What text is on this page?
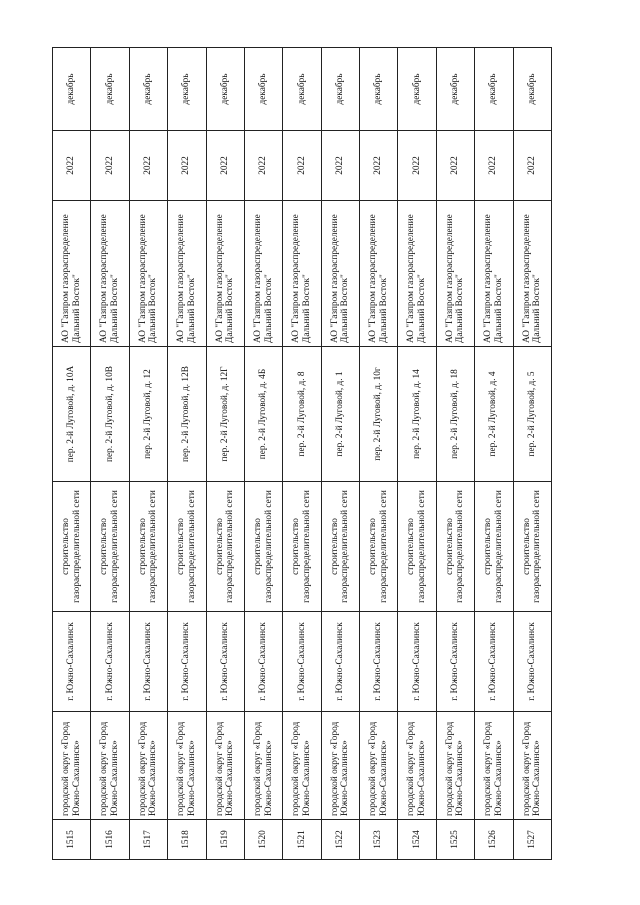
1515	городской округ «Город Южно-Сахалинск»	г. Южно-Сахалинск	строительство газораспределительной сети	пер. 2-й Луговой, д. 10А	АО "Газпром газораспределение Дальний Восток"	2022	декабрь
1516	городской округ «Город Южно-Сахалинск»	г. Южно-Сахалинск	строительство газораспределительной сети	пер. 2-й Луговой, д. 10В	АО "Газпром газораспределение Дальний Восток"	2022	декабрь
1517	городской округ «Город Южно-Сахалинск»	г. Южно-Сахалинск	строительство газораспределительной сети	пер. 2-й Луговой, д. 12	АО "Газпром газораспределение Дальний Восток"	2022	декабрь
1518	городской округ «Город Южно-Сахалинск»	г. Южно-Сахалинск	строительство газораспределительной сети	пер. 2-й Луговой, д. 12В	АО "Газпром газораспределение Дальний Восток"	2022	декабрь
1519	городской округ «Город Южно-Сахалинск»	г. Южно-Сахалинск	строительство газораспределительной сети	пер. 2-й Луговой, д. 12Г	АО "Газпром газораспределение Дальний Восток"	2022	декабрь
1520	городской округ «Город Южно-Сахалинск»	г. Южно-Сахалинск	строительство газораспределительной сети	пер. 2-й Луговой, д. 4Б	АО "Газпром газораспределение Дальний Восток"	2022	декабрь
1521	городской округ «Город Южно-Сахалинск»	г. Южно-Сахалинск	строительство газораспределительной сети	пер. 2-й Луговой, д. 8	АО "Газпром газораспределение Дальний Восток"	2022	декабрь
1522	городской округ «Город Южно-Сахалинск»	г. Южно-Сахалинск	строительство газораспределительной сети	пер. 2-й Луговой, д. 1	АО "Газпром газораспределение Дальний Восток"	2022	декабрь
1523	городской округ «Город Южно-Сахалинск»	г. Южно-Сахалинск	строительство газораспределительной сети	пер. 2-й Луговой, д. 10г	АО "Газпром газораспределение Дальний Восток"	2022	декабрь
1524	городской округ «Город Южно-Сахалинск»	г. Южно-Сахалинск	строительство газораспределительной сети	пер. 2-й Луговой, д. 14	АО "Газпром газораспределение Дальний Восток"	2022	декабрь
1525	городской округ «Город Южно-Сахалинск»	г. Южно-Сахалинск	строительство газораспределительной сети	пер. 2-й Луговой, д. 18	АО "Газпром газораспределение Дальний Восток"	2022	декабрь
1526	городской округ «Город Южно-Сахалинск»	г. Южно-Сахалинск	строительство газораспределительной сети	пер. 2-й Луговой, д. 4	АО "Газпром газораспределение Дальний Восток"	2022	декабрь
1527	городской округ «Город Южно-Сахалинск»	г. Южно-Сахалинск	строительство газораспределительной сети	пер. 2-й Луговой, д. 5	АО "Газпром газораспределение Дальний Восток"	2022	декабрь
